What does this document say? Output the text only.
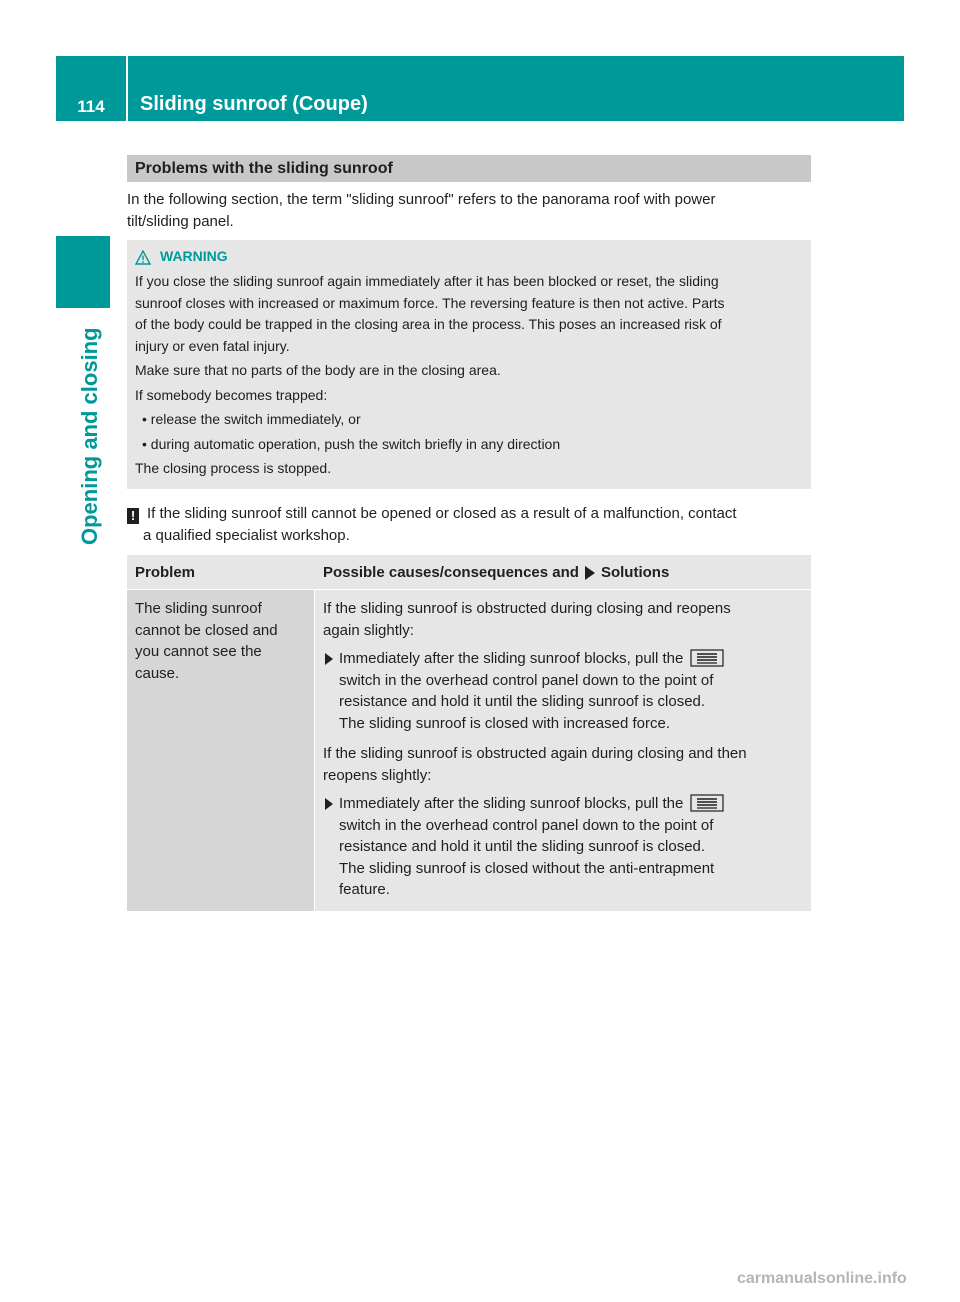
114	Sliding sunroof (Coupe)
Opening and closing
Problems with the sliding sunroof
In the following section, the term "sliding sunroof" refers to the panorama roof with power
tilt/sliding panel.
WARNING

If you close the sliding sunroof again immediately after it has been blocked or reset, the sliding

sunroof closes with increased or maximum force. The reversing feature is then not active. Parts

of the body could be trapped in the closing area in the process. This poses an increased risk of

injury or even fatal injury.

Make sure that no parts of the body are in the closing area.

If somebody becomes trapped:

• release the switch immediately, or

• during automatic operation, push the switch briefly in any direction

The closing process is stopped.

! If the sliding sunroof still cannot be opened or closed as a result of a malfunction, contact
a qualified specialist workshop.
Problem	Possible causes/consequences and Solutions
The sliding sunroof
cannot be closed and
you cannot see the
cause.

If the sliding sunroof is obstructed during closing and reopens

again slightly:

Immediately after the sliding sunroof blocks, pull the
switch in the overhead control panel down to the point of
resistance and hold it until the sliding sunroof is closed.
The sliding sunroof is closed with increased force.

If the sliding sunroof is obstructed again during closing and then

reopens slightly:

Immediately after the sliding sunroof blocks, pull the
switch in the overhead control panel down to the point of
resistance and hold it until the sliding sunroof is closed.
The sliding sunroof is closed without the anti-entrapment
feature.

carmanualsonline.info
